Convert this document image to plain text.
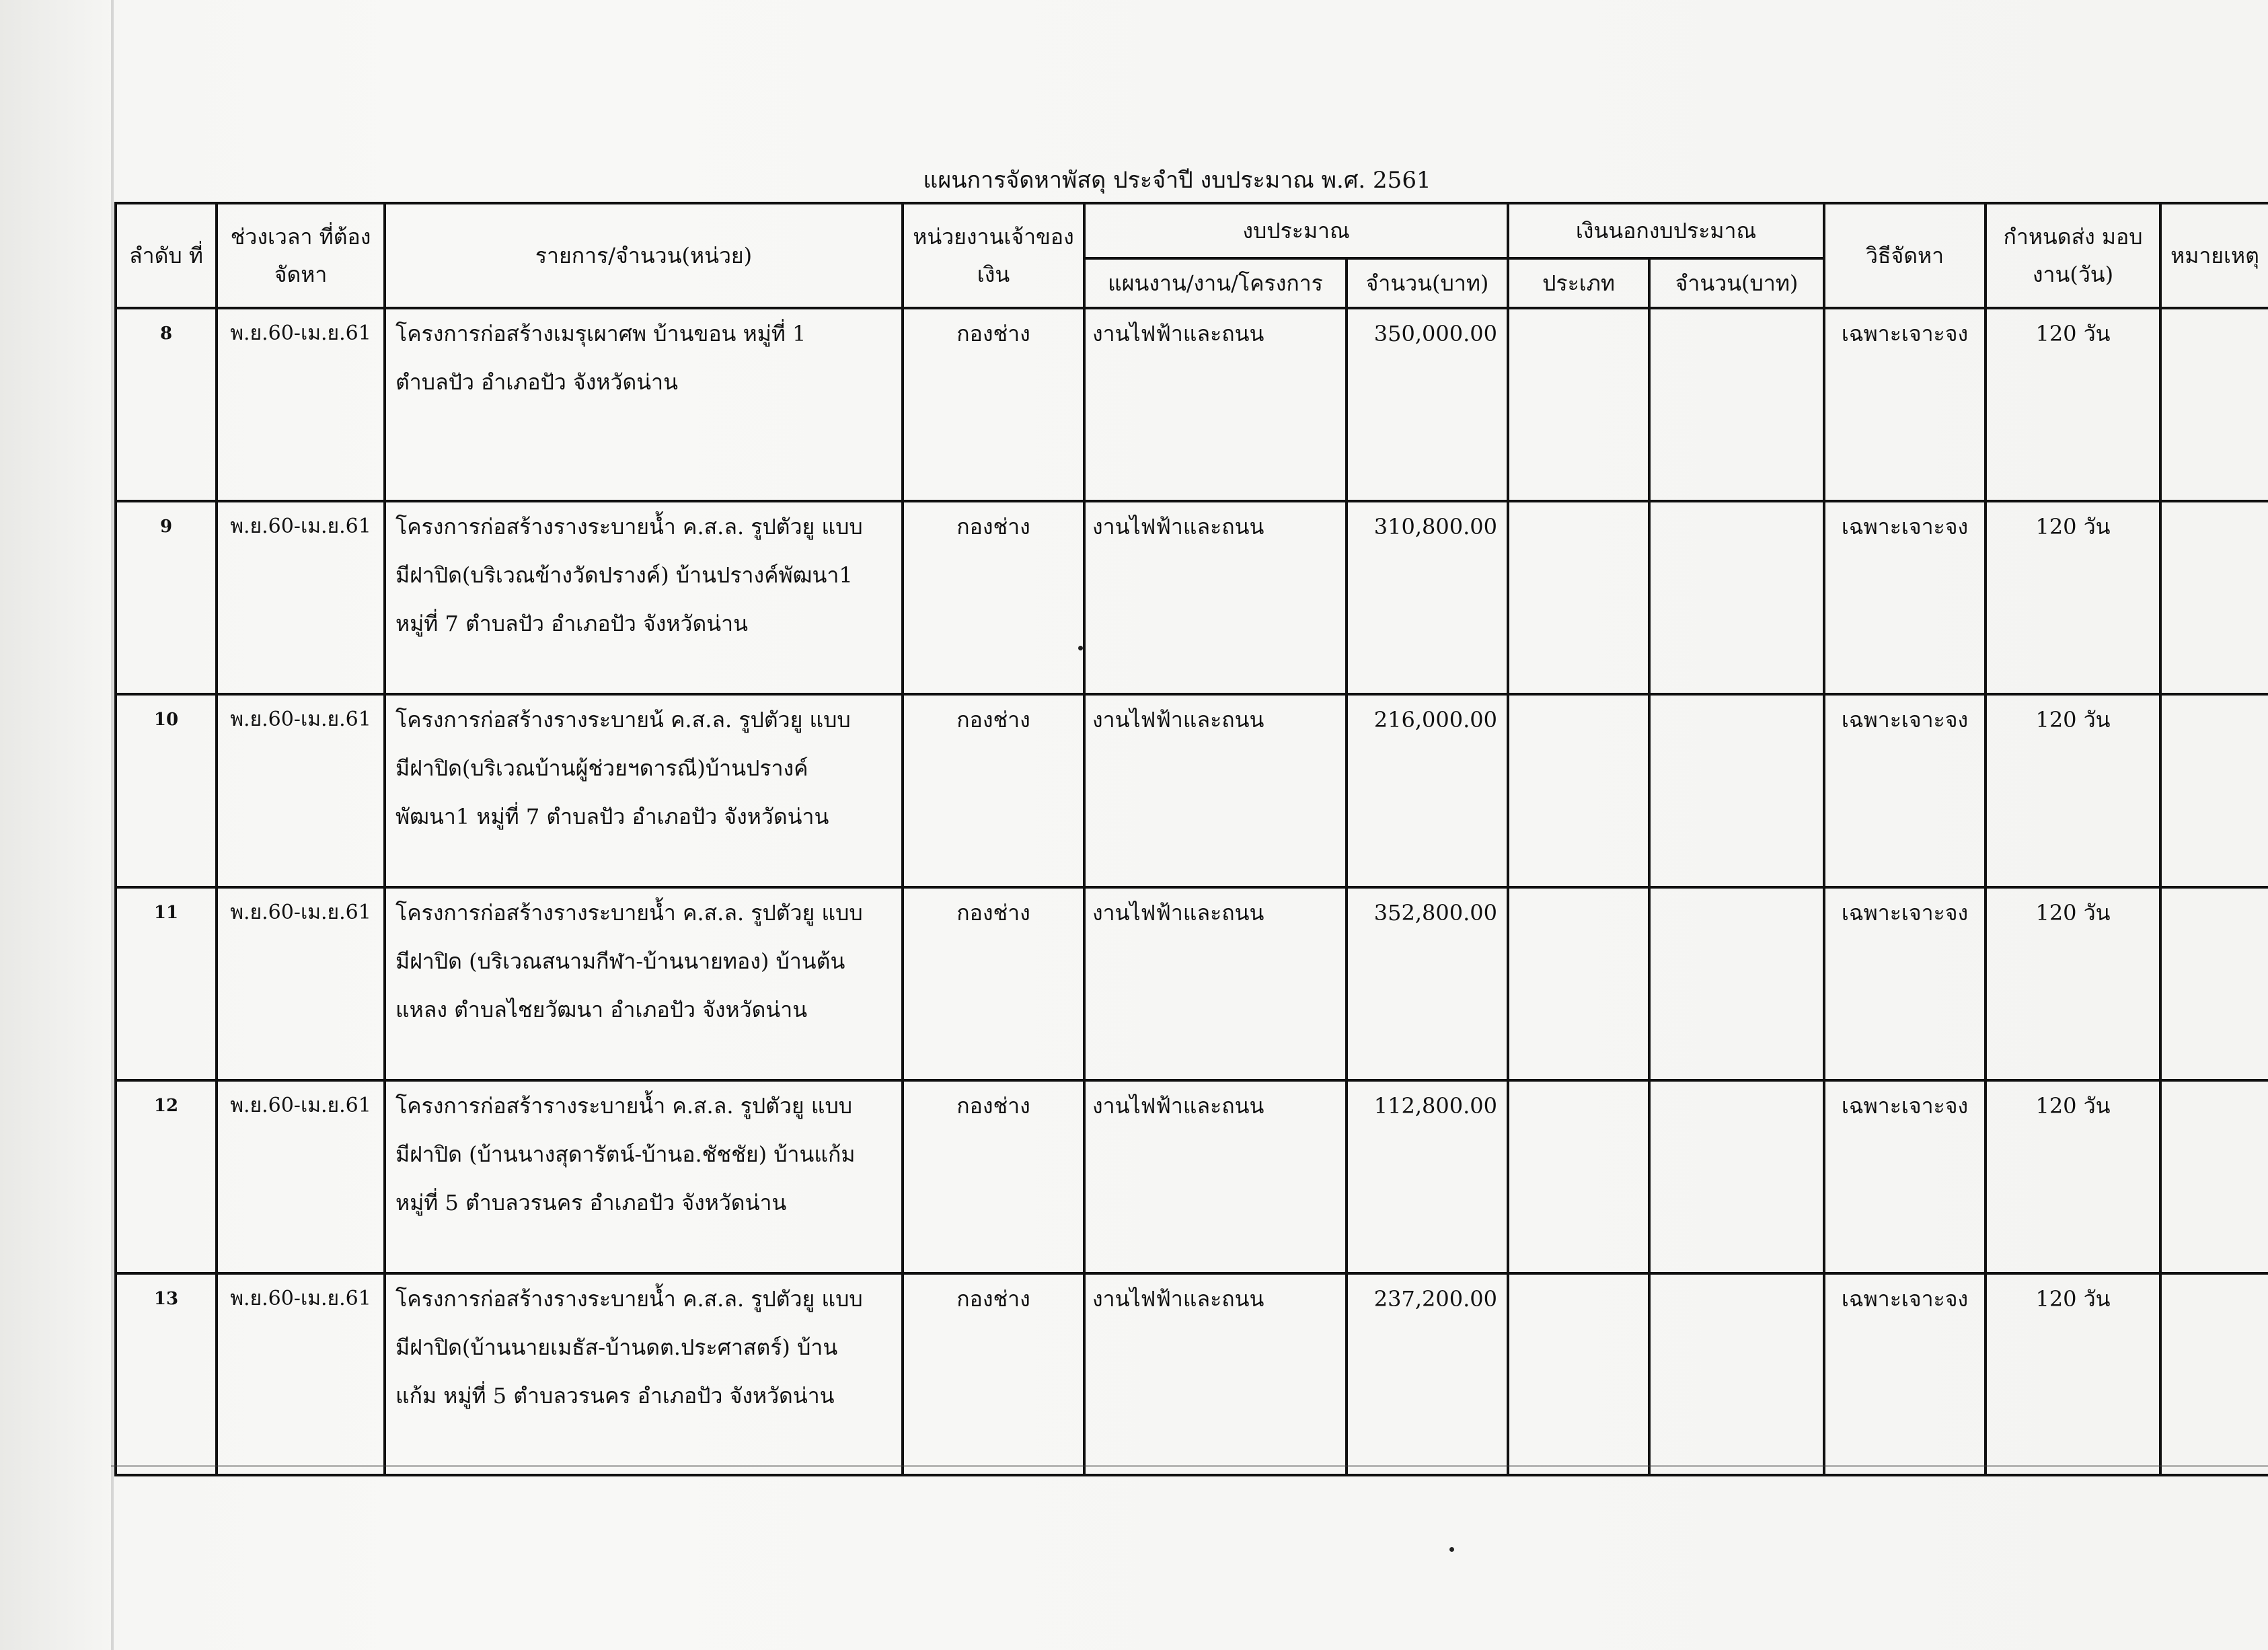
แผนการจัดหาพัสดุ ประจำปี งบประมาณ พ.ศ. 2561
ลำดับ ที่	ช่วงเวลา ที่ต้องจัดหา	รายการ/จำนวน(หน่วย)	หน่วยงานเจ้าของ เงิน	งบประมาณ		เงินนอกงบประมาณ		วิธีจัดหา	กำหนดส่ง มอบงาน(วัน)	หมายเหตุ
				แผนงาน/งาน/โครงการ	จำนวน(บาท)	ประเภท	จำนวน(บาท)			
8	พ.ย.60-เม.ย.61	โครงการก่อสร้างเมรุเผาศพ บ้านขอน หมู่ที่ 1
ตำบลปัว อำเภอปัว จังหวัดน่าน	กองช่าง	งานไฟฟ้าและถนน	350,000.00			เฉพาะเจาะจง	120 วัน	
9	พ.ย.60-เม.ย.61	โครงการก่อสร้างรางระบายน้ำ ค.ส.ล. รูปตัวยู แบบ
มีฝาปิด(บริเวณข้างวัดปรางค์) บ้านปรางค์พัฒนา1
หมู่ที่ 7 ตำบลปัว อำเภอปัว จังหวัดน่าน	กองช่าง	งานไฟฟ้าและถนน	310,800.00			เฉพาะเจาะจง	120 วัน	
10	พ.ย.60-เม.ย.61	โครงการก่อสร้างรางระบายน้ ค.ส.ล. รูปตัวยู แบบ
มีฝาปิด(บริเวณบ้านผู้ช่วยฯดารณี)บ้านปรางค์
พัฒนา1 หมู่ที่ 7 ตำบลปัว อำเภอปัว จังหวัดน่าน	กองช่าง	งานไฟฟ้าและถนน	216,000.00			เฉพาะเจาะจง	120 วัน	
11	พ.ย.60-เม.ย.61	โครงการก่อสร้างรางระบายน้ำ ค.ส.ล. รูปตัวยู แบบ
มีฝาปิด (บริเวณสนามกีฬา-บ้านนายทอง) บ้านต้น
แหลง ตำบลไชยวัฒนา อำเภอปัว จังหวัดน่าน	กองช่าง	งานไฟฟ้าและถนน	352,800.00			เฉพาะเจาะจง	120 วัน	
12	พ.ย.60-เม.ย.61	โครงการก่อสร้ารางระบายน้ำ ค.ส.ล. รูปตัวยู แบบ
มีฝาปิด (บ้านนางสุดารัตน์-บ้านอ.ชัชชัย) บ้านแก้ม
หมู่ที่ 5 ตำบลวรนคร อำเภอปัว จังหวัดน่าน	กองช่าง	งานไฟฟ้าและถนน	112,800.00			เฉพาะเจาะจง	120 วัน	
13	พ.ย.60-เม.ย.61	โครงการก่อสร้างรางระบายน้ำ ค.ส.ล. รูปตัวยู แบบ
มีฝาปิด(บ้านนายเมธัส-บ้านดต.ประศาสตร์) บ้าน
แก้ม หมู่ที่ 5 ตำบลวรนคร อำเภอปัว จังหวัดน่าน	กองช่าง	งานไฟฟ้าและถนน	237,200.00			เฉพาะเจาะจง	120 วัน	
